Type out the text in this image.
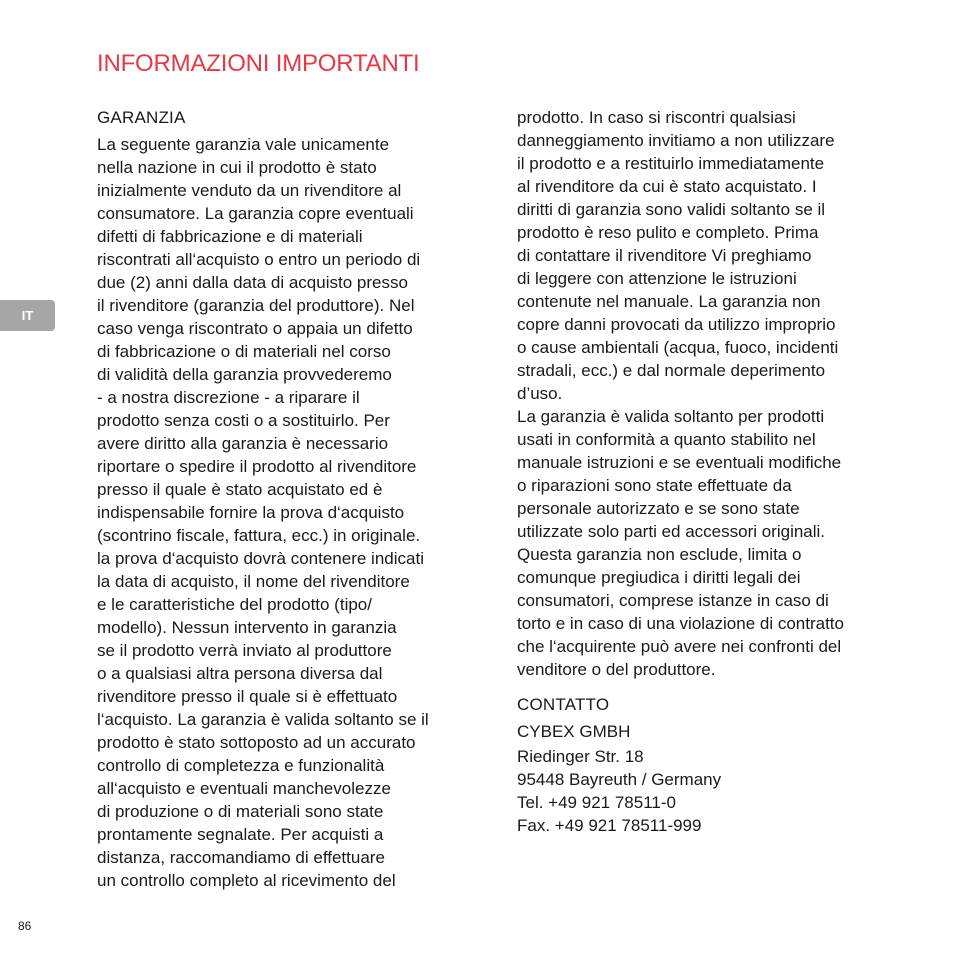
INFORMAZIONI IMPORTANTI
IT
GARANZIA
La seguente garanzia vale unicamente
nella nazione in cui il prodotto è stato
inizialmente venduto da un rivenditore al
consumatore. La garanzia copre eventuali
difetti di fabbricazione e di materiali
riscontrati all‘acquisto o entro un periodo di
due (2) anni dalla data di acquisto presso
il rivenditore (garanzia del produttore). Nel
caso venga riscontrato o appaia un difetto
di fabbricazione o di materiali nel corso
di validità della garanzia provvederemo
- a nostra discrezione - a riparare il
prodotto senza costi o a sostituirlo. Per
avere diritto alla garanzia è necessario
riportare o spedire il prodotto al rivenditore
presso il quale è stato acquistato ed è
indispensabile fornire la prova d‘acquisto
(scontrino fiscale, fattura, ecc.) in originale.
la prova d‘acquisto dovrà contenere indicati
la data di acquisto, il nome del rivenditore
e le caratteristiche del prodotto (tipo/
modello). Nessun intervento in garanzia
se il prodotto verrà inviato al produttore
o a qualsiasi altra persona diversa dal
rivenditore presso il quale si è effettuato
l‘acquisto. La garanzia è valida soltanto se il
prodotto è stato sottoposto ad un accurato
controllo di completezza e funzionalità
all‘acquisto e eventuali manchevolezze
di produzione o di materiali sono state
prontamente segnalate. Per acquisti a
distanza, raccomandiamo di effettuare
un controllo completo al ricevimento del
prodotto. In caso si riscontri qualsiasi
danneggiamento invitiamo a non utilizzare
il prodotto e a restituirlo immediatamente
al rivenditore da cui è stato acquistato. I
diritti di garanzia sono validi soltanto se il
prodotto è reso pulito e completo. Prima
di contattare il rivenditore Vi preghiamo
di leggere con attenzione le istruzioni
contenute nel manuale. La garanzia non
copre danni provocati da utilizzo improprio
o cause ambientali (acqua, fuoco, incidenti
stradali, ecc.) e dal normale deperimento
d’uso.
La garanzia è valida soltanto per prodotti
usati in conformità a quanto stabilito nel
manuale istruzioni e se eventuali modifiche
o riparazioni sono state effettuate da
personale autorizzato e se sono state
utilizzate solo parti ed accessori originali.
Questa garanzia non esclude, limita o
comunque pregiudica i diritti legali dei
consumatori, comprese istanze in caso di
torto e in caso di una violazione di contratto
che l‘acquirente può avere nei confronti del
venditore o del produttore.
CONTATTO
CYBEX GMBH
Riedinger Str. 18
95448 Bayreuth / Germany
Tel. +49 921 78511-0
Fax. +49 921 78511-999
86
